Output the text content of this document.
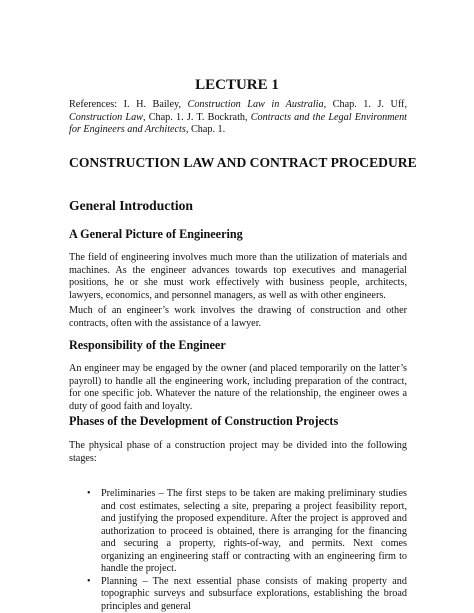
LECTURE 1

References: I. H. Bailey, Construction Law in Australia, Chap. 1. J. Uff, Construction Law, Chap. 1. J. T. Bockrath, Contracts and the Legal Environment for Engineers and Architects, Chap. 1.

CONSTRUCTION LAW AND CONTRACT PROCEDURE
General Introduction
A General Picture of Engineering

The field of engineering involves much more than the utilization of materials and machines. As the engineer advances towards top executives and managerial positions, he or she must work effectively with business people, architects, lawyers, economics, and personnel managers, as well as with other engineers.

Much of an engineer’s work involves the drawing of construction and other contracts, often with the assistance of a lawyer.

Responsibility of the Engineer

An engineer may be engaged by the owner (and placed temporarily on the latter’s payroll) to handle all the engineering work, including preparation of the contract, for one specific job. Whatever the nature of the relationship, the engineer owes a duty of good faith and loyalty.

Phases of the Development of Construction Projects

The physical phase of a construction project may be divided into the following stages:

• Preliminaries – The first steps to be taken are making preliminary studies and cost estimates, selecting a site, preparing a project feasibility report, and justifying the proposed expenditure. After the project is approved and authorization to proceed is obtained, there is arranging for the financing and securing a property, rights-of-way, and permits. Next comes organizing an engineering staff or contracting with an engineering firm to handle the project.
• Planning – The next essential phase consists of making property and topographic surveys and subsurface explorations, establishing the broad principles and general
